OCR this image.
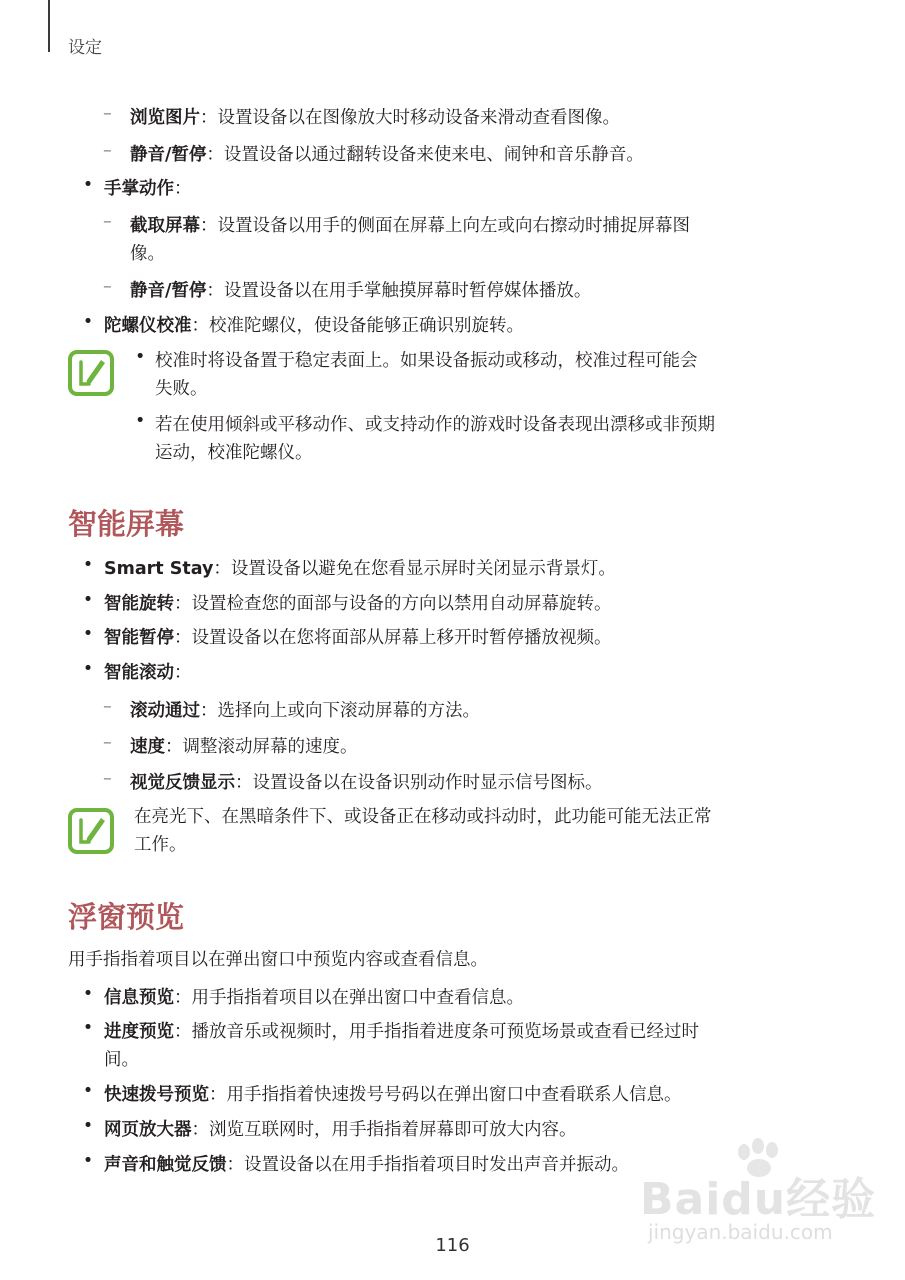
设定
–	浏览图片：设置设备以在图像放大时移动设备来滑动查看图像。
–	静音/暂停：设置设备以通过翻转设备来使来电、闹钟和音乐静音。
• 手掌动作：
–	截取屏幕：设置设备以用手的侧面在屏幕上向左或向右擦动时捕捉屏幕图
像。
–	静音/暂停：设置设备以在用手掌触摸屏幕时暂停媒体播放。
• 陀螺仪校准：校准陀螺仪，使设备能够正确识别旋转。
• 校准时将设备置于稳定表面上。如果设备振动或移动，校准过程可能会
失败。
• 若在使用倾斜或平移动作、或支持动作的游戏时设备表现出漂移或非预期
运动，校准陀螺仪。
智能屏幕
• Smart Stay：设置设备以避免在您看显示屏时关闭显示背景灯。
• 智能旋转：设置检查您的面部与设备的方向以禁用自动屏幕旋转。
• 智能暂停：设置设备以在您将面部从屏幕上移开时暂停播放视频。
• 智能滚动：
–	滚动通过：选择向上或向下滚动屏幕的方法。
–	速度：调整滚动屏幕的速度。
–	视觉反馈显示：设置设备以在设备识别动作时显示信号图标。
在亮光下、在黑暗条件下、或设备正在移动或抖动时，此功能可能无法正常
工作。
浮窗预览
用手指指着项目以在弹出窗口中预览内容或查看信息。
• 信息预览：用手指指着项目以在弹出窗口中查看信息。
• 进度预览：播放音乐或视频时，用手指指着进度条可预览场景或查看已经过时
间。
• 快速拨号预览：用手指指着快速拨号号码以在弹出窗口中查看联系人信息。
• 网页放大器：浏览互联网时，用手指指着屏幕即可放大内容。
• 声音和触觉反馈：设置设备以在用手指指着项目时发出声音并振动。
Baidu经验
jingyan.baidu.com
116
